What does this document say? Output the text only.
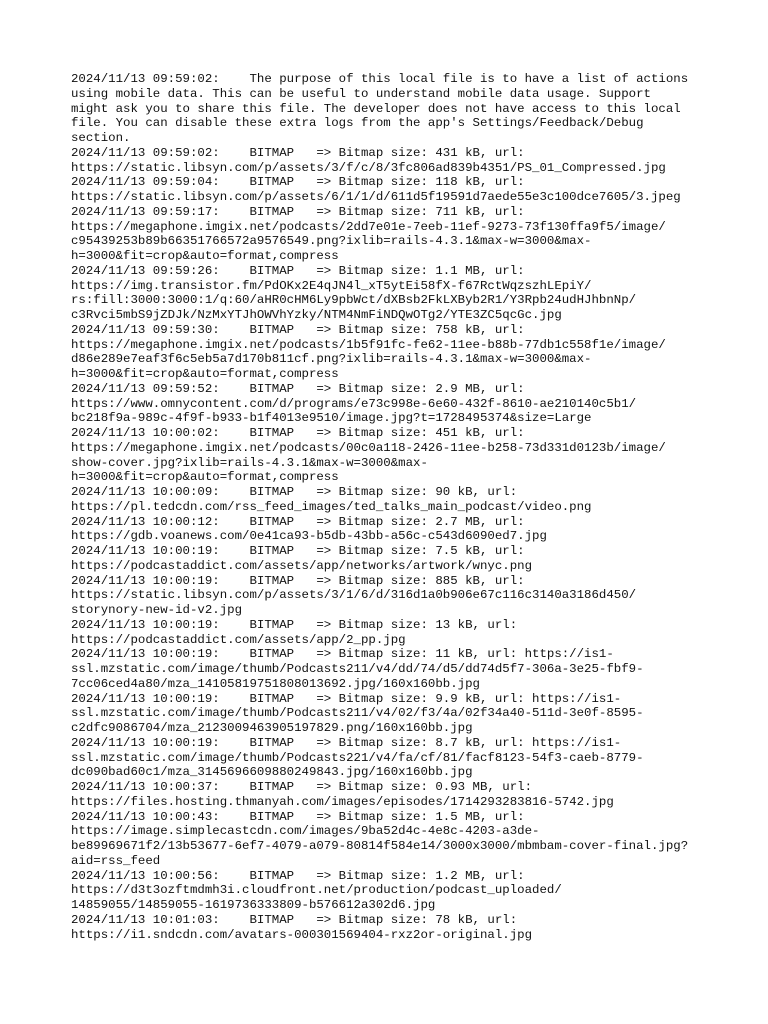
2024/11/13 09:59:02:    The purpose of this local file is to have a list of actions
using mobile data. This can be useful to understand mobile data usage. Support
might ask you to share this file. The developer does not have access to this local
file. You can disable these extra logs from the app's Settings/Feedback/Debug
section.
2024/11/13 09:59:02:    BITMAP   => Bitmap size: 431 kB, url:
https://static.libsyn.com/p/assets/3/f/c/8/3fc806ad839b4351/PS_01_Compressed.jpg
2024/11/13 09:59:04:    BITMAP   => Bitmap size: 118 kB, url:
https://static.libsyn.com/p/assets/6/1/1/d/611d5f19591d7aede55e3c100dce7605/3.jpeg
2024/11/13 09:59:17:    BITMAP   => Bitmap size: 711 kB, url:
https://megaphone.imgix.net/podcasts/2dd7e01e-7eeb-11ef-9273-73f130ffa9f5/image/
c95439253b89b66351766572a9576549.png?ixlib=rails-4.3.1&max-w=3000&max-
h=3000&fit=crop&auto=format,compress
2024/11/13 09:59:26:    BITMAP   => Bitmap size: 1.1 MB, url:
https://img.transistor.fm/PdOKx2E4qJN4l_xT5ytEi58fX-f67RctWqzszhLEpiY/
rs:fill:3000:3000:1/q:60/aHR0cHM6Ly9pbWct/dXBsb2FkLXByb2R1/Y3Rpb24udHJhbnNp/
c3Rvci5mbS9jZDJk/NzMxYTJhOWVhYzky/NTM4NmFiNDQwOTg2/YTE3ZC5qcGc.jpg
2024/11/13 09:59:30:    BITMAP   => Bitmap size: 758 kB, url:
https://megaphone.imgix.net/podcasts/1b5f91fc-fe62-11ee-b88b-77db1c558f1e/image/
d86e289e7eaf3f6c5eb5a7d170b811cf.png?ixlib=rails-4.3.1&max-w=3000&max-
h=3000&fit=crop&auto=format,compress
2024/11/13 09:59:52:    BITMAP   => Bitmap size: 2.9 MB, url:
https://www.omnycontent.com/d/programs/e73c998e-6e60-432f-8610-ae210140c5b1/
bc218f9a-989c-4f9f-b933-b1f4013e9510/image.jpg?t=1728495374&size=Large
2024/11/13 10:00:02:    BITMAP   => Bitmap size: 451 kB, url:
https://megaphone.imgix.net/podcasts/00c0a118-2426-11ee-b258-73d331d0123b/image/
show-cover.jpg?ixlib=rails-4.3.1&max-w=3000&max-
h=3000&fit=crop&auto=format,compress
2024/11/13 10:00:09:    BITMAP   => Bitmap size: 90 kB, url:
https://pl.tedcdn.com/rss_feed_images/ted_talks_main_podcast/video.png
2024/11/13 10:00:12:    BITMAP   => Bitmap size: 2.7 MB, url:
https://gdb.voanews.com/0e41ca93-b5db-43bb-a56c-c543d6090ed7.jpg
2024/11/13 10:00:19:    BITMAP   => Bitmap size: 7.5 kB, url:
https://podcastaddict.com/assets/app/networks/artwork/wnyc.png
2024/11/13 10:00:19:    BITMAP   => Bitmap size: 885 kB, url:
https://static.libsyn.com/p/assets/3/1/6/d/316d1a0b906e67c116c3140a3186d450/
storynory-new-id-v2.jpg
2024/11/13 10:00:19:    BITMAP   => Bitmap size: 13 kB, url:
https://podcastaddict.com/assets/app/2_pp.jpg
2024/11/13 10:00:19:    BITMAP   => Bitmap size: 11 kB, url: https://is1-
ssl.mzstatic.com/image/thumb/Podcasts211/v4/dd/74/d5/dd74d5f7-306a-3e25-fbf9-
7cc06ced4a80/mza_14105819751808013692.jpg/160x160bb.jpg
2024/11/13 10:00:19:    BITMAP   => Bitmap size: 9.9 kB, url: https://is1-
ssl.mzstatic.com/image/thumb/Podcasts211/v4/02/f3/4a/02f34a40-511d-3e0f-8595-
c2dfc9086704/mza_2123009463905197829.png/160x160bb.jpg
2024/11/13 10:00:19:    BITMAP   => Bitmap size: 8.7 kB, url: https://is1-
ssl.mzstatic.com/image/thumb/Podcasts221/v4/fa/cf/81/facf8123-54f3-caeb-8779-
dc090bad60c1/mza_3145696609880249843.jpg/160x160bb.jpg
2024/11/13 10:00:37:    BITMAP   => Bitmap size: 0.93 MB, url:
https://files.hosting.thmanyah.com/images/episodes/1714293283816-5742.jpg
2024/11/13 10:00:43:    BITMAP   => Bitmap size: 1.5 MB, url:
https://image.simplecastcdn.com/images/9ba52d4c-4e8c-4203-a3de-
be89969671f2/13b53677-6ef7-4079-a079-80814f584e14/3000x3000/mbmbam-cover-final.jpg?
aid=rss_feed
2024/11/13 10:00:56:    BITMAP   => Bitmap size: 1.2 MB, url:
https://d3t3ozftmdmh3i.cloudfront.net/production/podcast_uploaded/
14859055/14859055-1619736333809-b576612a302d6.jpg
2024/11/13 10:01:03:    BITMAP   => Bitmap size: 78 kB, url:
https://i1.sndcdn.com/avatars-000301569404-rxz2or-original.jpg
